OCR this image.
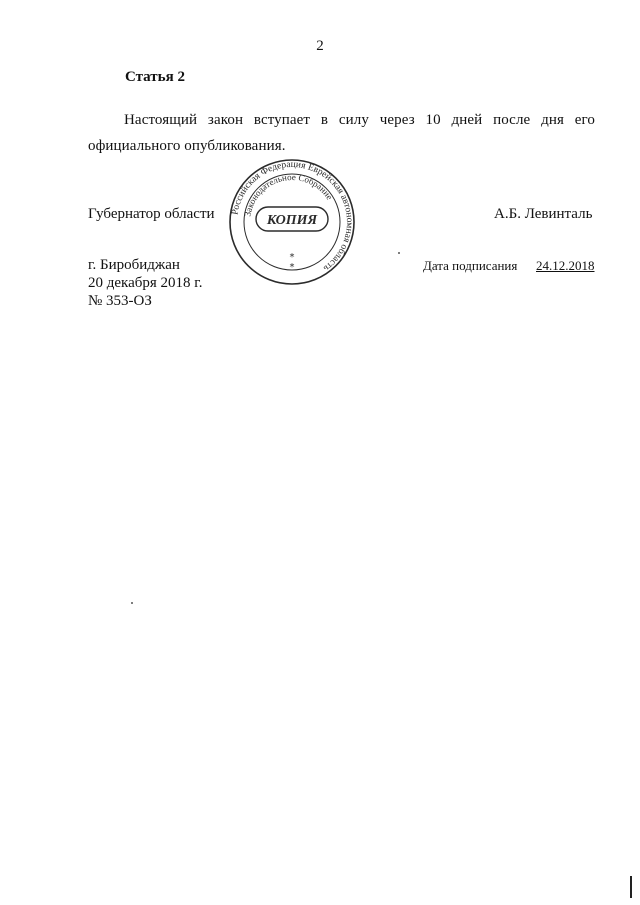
2
Статья 2
Настоящий закон вступает в силу через 10 дней после дня его
официального опубликования.
Губернатор области	А.Б. Левинталь
Российская Федерация Еврейская автономная область
Законодательное Собрание
КОПИЯ
*
*
г. Биробиджан
20 декабря 2018 г.
№ 353-ОЗ
Дата подписания 24.12.2018
